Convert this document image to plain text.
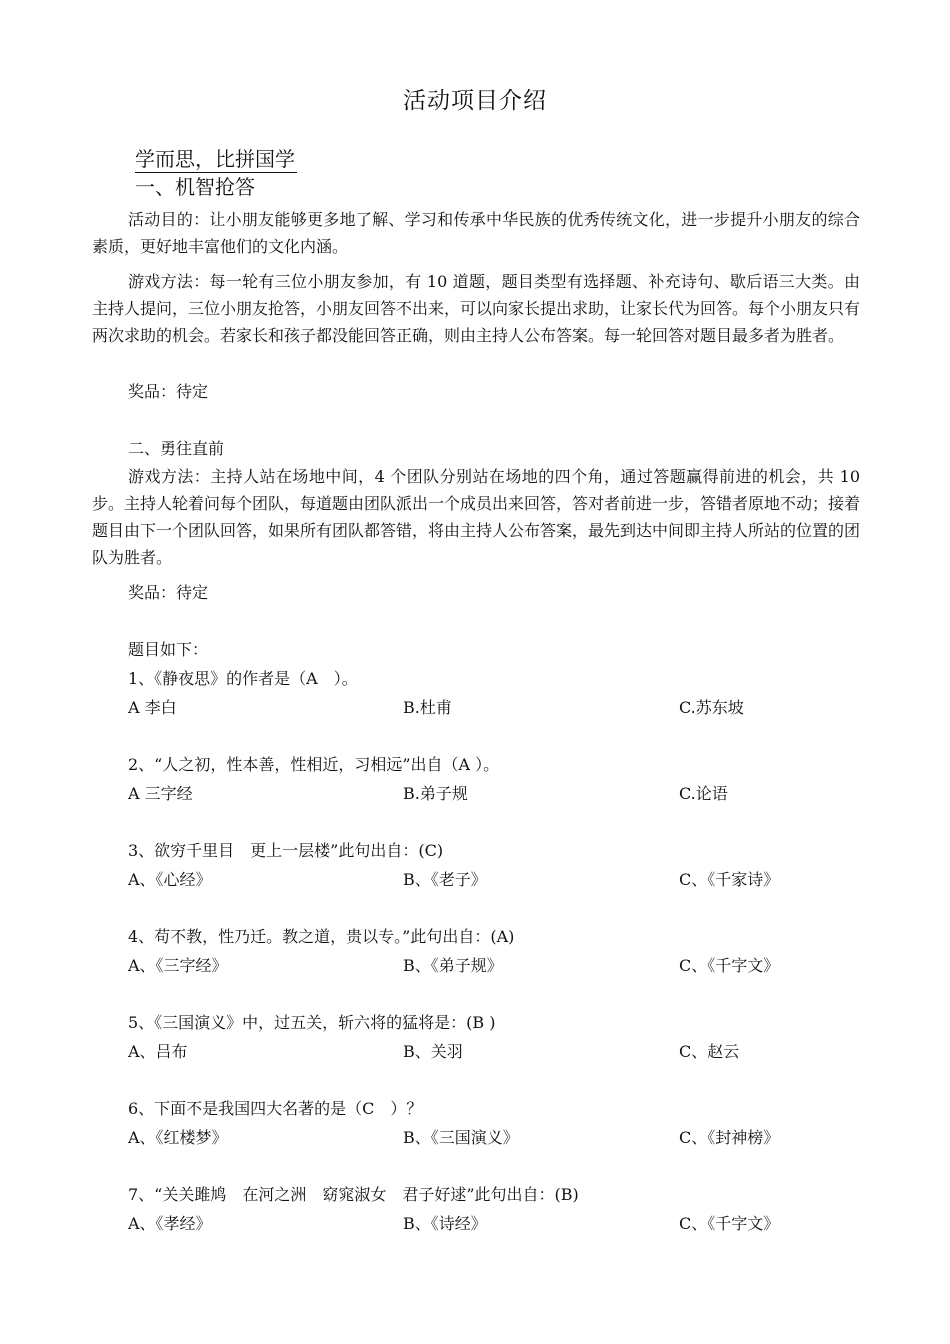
活动项目介绍
学而思，比拼国学
一、机智抢答

活动目的：让小朋友能够更多地了解、学习和传承中华民族的优秀传统文化，进一步提升小朋友的综合素质，更好地丰富他们的文化内涵。

游戏方法：每一轮有三位小朋友参加，有 10 道题，题目类型有选择题、补充诗句、歇后语三大类。由主持人提问，三位小朋友抢答，小朋友回答不出来，可以向家长提出求助，让家长代为回答。每个小朋友只有两次求助的机会。若家长和孩子都没能回答正确，则由主持人公布答案。每一轮回答对题目最多者为胜者。

奖品：待定
二、勇往直前

游戏方法：主持人站在场地中间，4 个团队分别站在场地的四个角，通过答题赢得前进的机会，共 10 步。主持人轮着问每个团队，每道题由团队派出一个成员出来回答，答对者前进一步，答错者原地不动；接着题目由下一个团队回答，如果所有团队都答错，将由主持人公布答案，最先到达中间即主持人所站的位置的团队为胜者。

奖品：待定
题目如下：
1、《静夜思》的作者是（A　）。
A 李白	B.杜甫	C.苏东坡
2、“人之初，性本善，性相近，习相远”出自（A ）。
A 三字经	B.弟子规	C.论语
3、欲穷千里目　更上一层楼”此句出自：(C)
A、《心经》	B、《老子》	C、《千家诗》
4、苟不教，性乃迁。教之道，贵以专。”此句出自：(A)
A、《三字经》	B、《弟子规》	C、《千字文》
5、《三国演义》中，过五关，斩六将的猛将是：(B )
A、吕布	B、关羽	C、赵云
6、下面不是我国四大名著的是（C　）？
A、《红楼梦》	B、《三国演义》	C、《封神榜》
7、“关关雎鸠　在河之洲　窈窕淑女　君子好逑”此句出自：(B)
A、《孝经》	B、《诗经》	C、《千字文》
